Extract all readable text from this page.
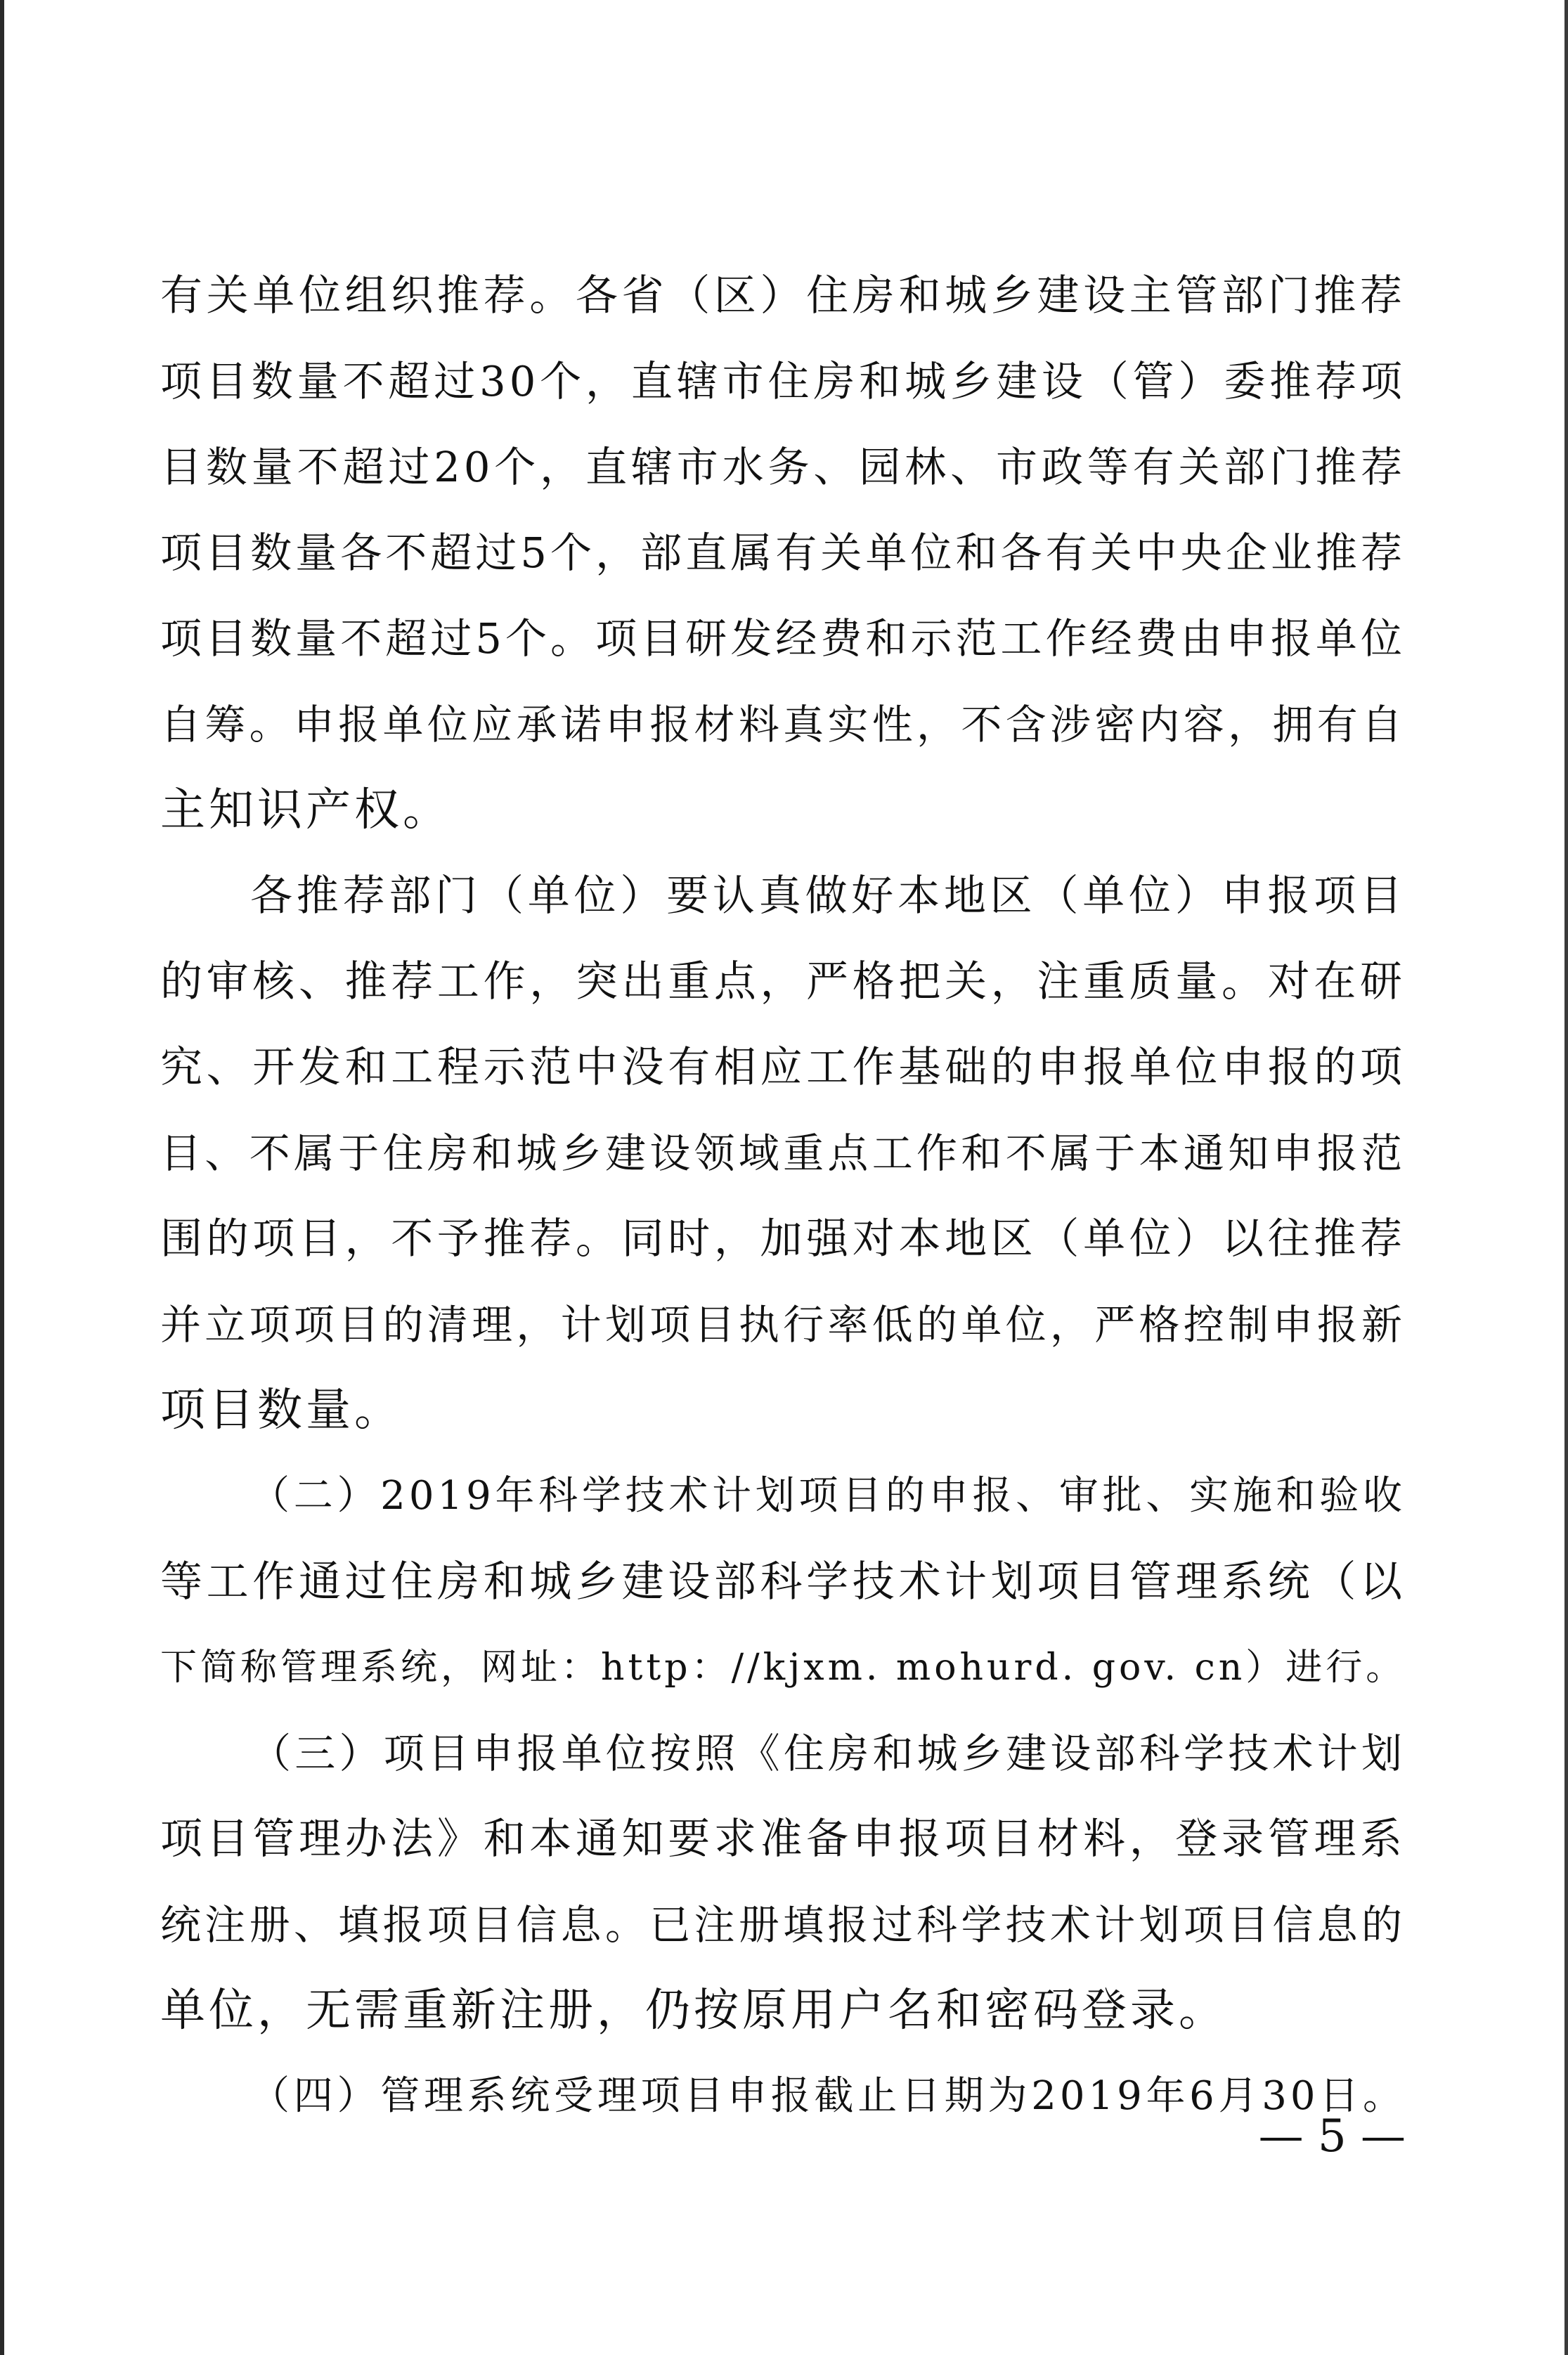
有关单位组织推荐。各省（区）住房和城乡建设主管部门推荐
项目数量不超过30个，直辖市住房和城乡建设（管）委推荐项
目数量不超过20个，直辖市水务、园林、市政等有关部门推荐
项目数量各不超过5个，部直属有关单位和各有关中央企业推荐
项目数量不超过5个。项目研发经费和示范工作经费由申报单位
自筹。申报单位应承诺申报材料真实性，不含涉密内容，拥有自
主知识产权。
各推荐部门（单位）要认真做好本地区（单位）申报项目
的审核、推荐工作，突出重点，严格把关，注重质量。对在研
究、开发和工程示范中没有相应工作基础的申报单位申报的项
目、不属于住房和城乡建设领域重点工作和不属于本通知申报范
围的项目，不予推荐。同时，加强对本地区（单位）以往推荐
并立项项目的清理，计划项目执行率低的单位，严格控制申报新
项目数量。
（二）2019年科学技术计划项目的申报、审批、实施和验收
等工作通过住房和城乡建设部科学技术计划项目管理系统（以
下简称管理系统，网址：http：//kjxm. mohurd. gov. cn）进行。
（三）项目申报单位按照《住房和城乡建设部科学技术计划
项目管理办法》和本通知要求准备申报项目材料，登录管理系
统注册、填报项目信息。已注册填报过科学技术计划项目信息的
单位，无需重新注册，仍按原用户名和密码登录。
（四）管理系统受理项目申报截止日期为2019年6月30日。
— 5 —
